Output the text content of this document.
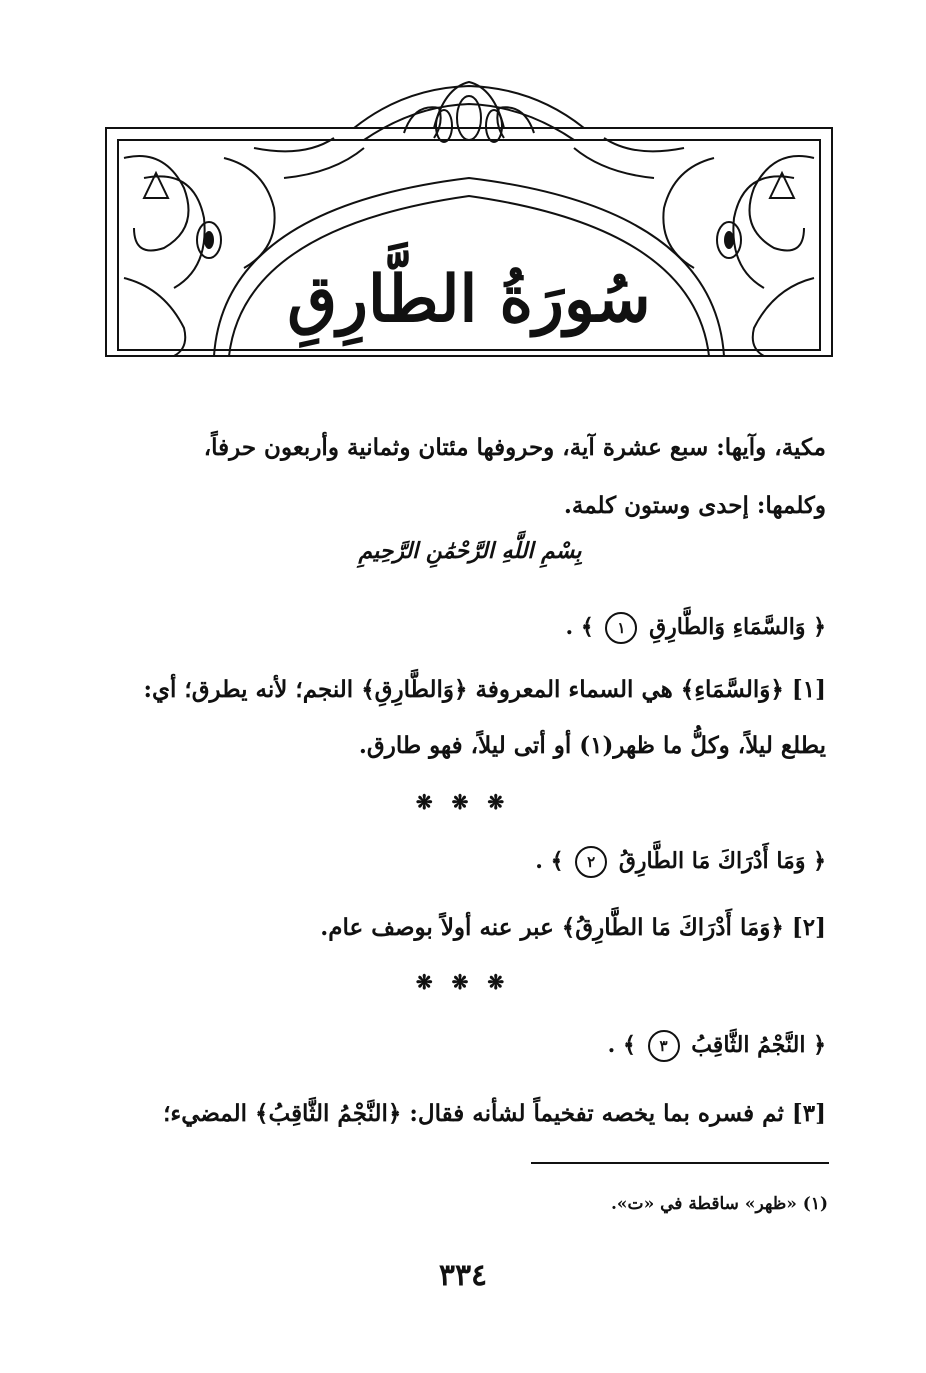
سُورَةُ الطَّارِقِ
مكية، وآيها: سبع عشرة آية، وحروفها مئتان وثمانية وأربعون حرفاً،
وكلمها: إحدى وستون كلمة.
بِسْمِ اللَّهِ الرَّحْمَٰنِ الرَّحِيمِ
﴿ وَالسَّمَاءِ وَالطَّارِقِ ١ ﴾ .
[١] ﴿وَالسَّمَاءِ﴾ هي السماء المعروفة ﴿وَالطَّارِقِ﴾ النجم؛ لأنه يطرق؛ أي:
يطلع ليلاً، وكلُّ ما ظهر(١) أو أتى ليلاً، فهو طارق.
❋ ❋ ❋
﴿ وَمَا أَدْرَاكَ مَا الطَّارِقُ ٢ ﴾ .
[٢] ﴿وَمَا أَدْرَاكَ مَا الطَّارِقُ﴾ عبر عنه أولاً بوصف عام.
❋ ❋ ❋
﴿ النَّجْمُ الثَّاقِبُ ٣ ﴾ .
[٣] ثم فسره بما يخصه تفخيماً لشأنه فقال: ﴿النَّجْمُ الثَّاقِبُ﴾ المضيء؛
(١) «ظهر» ساقطة في «ت».
٣٣٤
